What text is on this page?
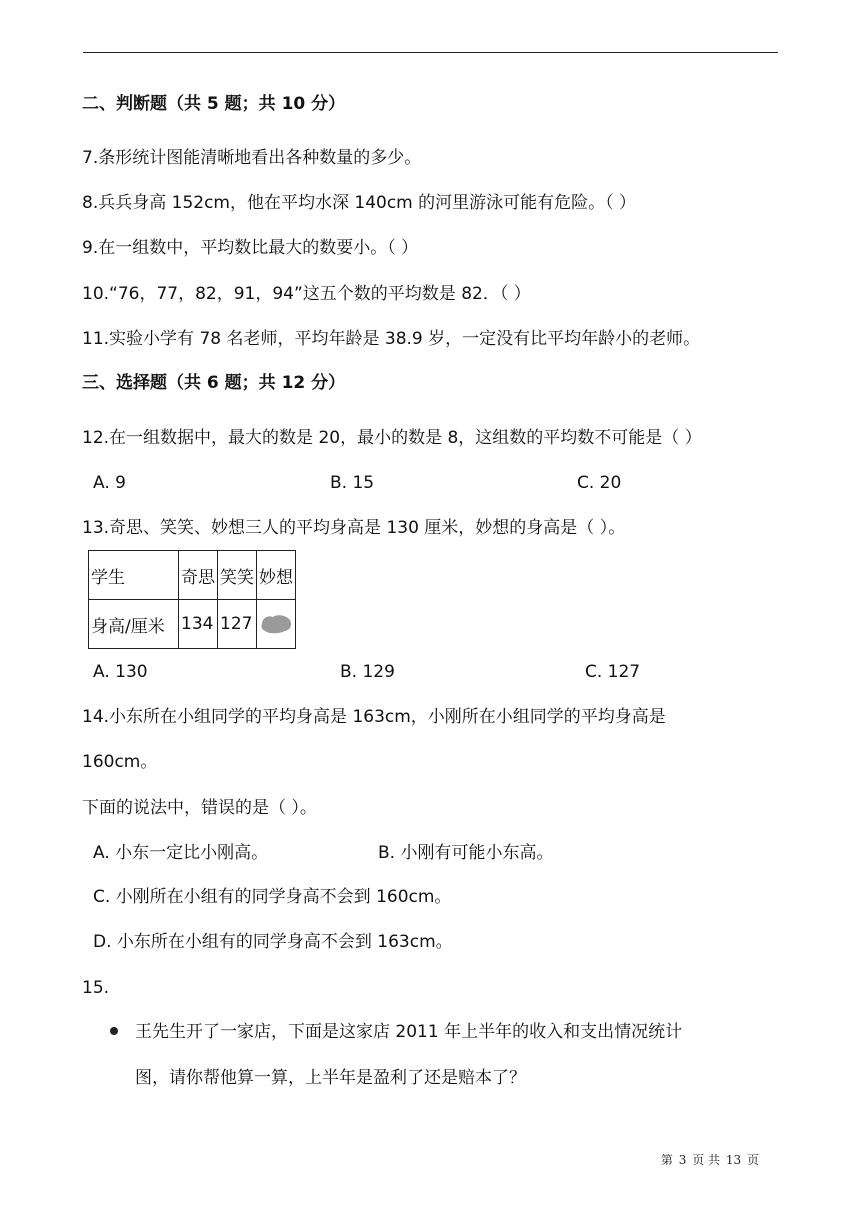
二、判断题（共 5 题；共 10 分）
7.条形统计图能清晰地看出各种数量的多少。
8.兵兵身高 152cm，他在平均水深 140cm 的河里游泳可能有危险。（ ）
9.在一组数中，平均数比最大的数要小。（ ）
10.“76，77，82，91，94”这五个数的平均数是 82．（ ）
11.实验小学有 78 名老师，平均年龄是 38.9 岁，一定没有比平均年龄小的老师。
三、选择题（共 6 题；共 12 分）
12.在一组数据中，最大的数是 20，最小的数是 8，这组数的平均数不可能是（ ）
A. 9	B. 15	C. 20
13.奇思、笑笑、妙想三人的平均身高是 130 厘米，妙想的身高是（ ）。
学生	奇思	笑笑	妙想
身高/厘米	134	127	
A. 130	B. 129	C. 127
14.小东所在小组同学的平均身高是 163cm，小刚所在小组同学的平均身高是
160cm。
下面的说法中，错误的是（ ）。
A. 小东一定比小刚高。	B. 小刚有可能小东高。
C. 小刚所在小组有的同学身高不会到 160cm。
D. 小东所在小组有的同学身高不会到 163cm。
15.
王先生开了一家店，下面是这家店 2011 年上半年的收入和支出情况统计
图，请你帮他算一算，上半年是盈利了还是赔本了？
第 3 页 共 13 页
